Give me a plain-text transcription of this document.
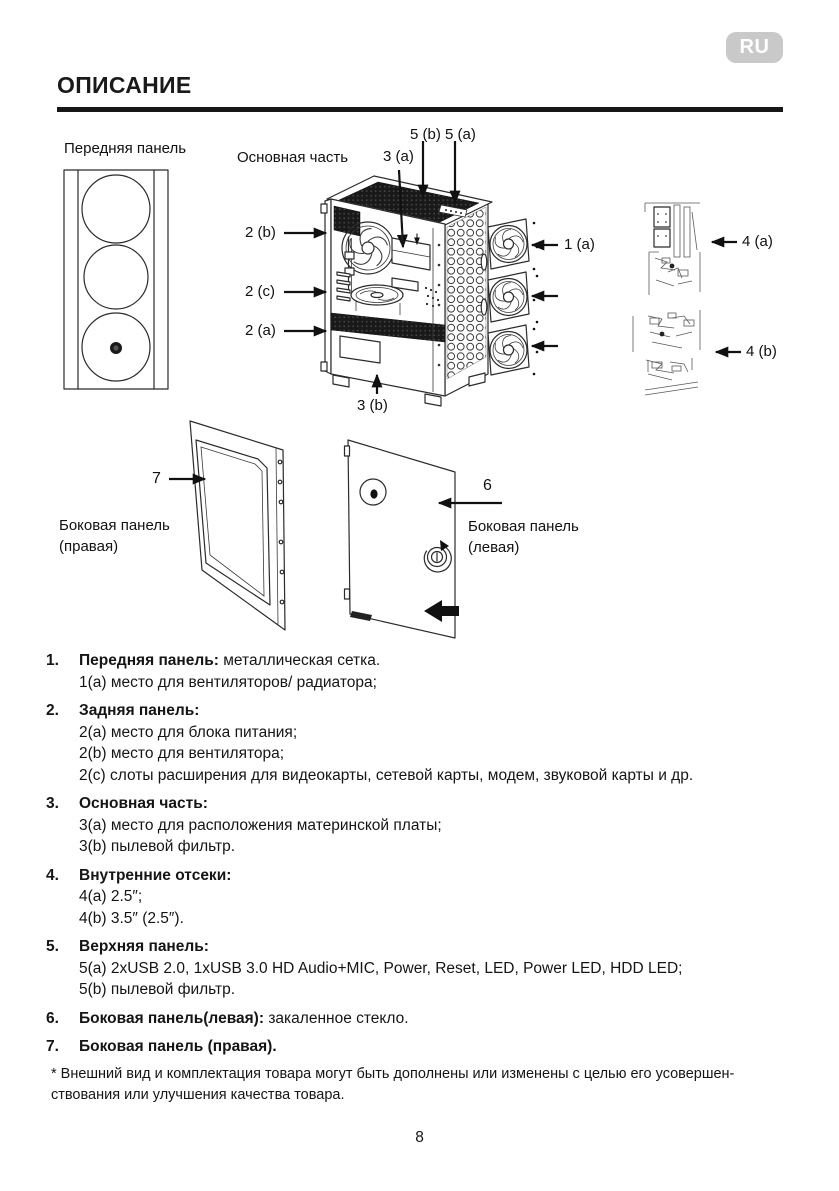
RU
ОПИСАНИЕ
Передняя панель
Основная часть
5 (b) 5 (a)
3 (a)
2 (b)
2 (c)
2 (a)
1 (a)	4 (a)
4 (b)
3 (b)
7	6
Боковая панель
(правая)
Боковая панель
(левая)
1.	Передняя панель: металлическая сетка.
1(a) место для вентиляторов/ радиатора;
2.	Задняя панель:
2(a) место для блока питания;
2(b) место для вентилятора;
2(c) слоты расширения для видеокарты, сетевой карты, модем, звуковой карты и др.
3.	Основная часть:
3(a) место для расположения материнской платы;
3(b) пылевой фильтр.
4.	Внутренние отсеки:
4(a) 2.5″;
4(b) 3.5″ (2.5″).
5.	Верхняя панель:
5(a) 2xUSB 2.0, 1xUSB 3.0 HD Audio+MIC, Power, Reset, LED, Power LED, HDD LED;
5(b) пылевой фильтр.
6.	Боковая панель(левая): закаленное стекло.
7.	Боковая панель (правая).
* Внешний вид и комплектация товара могут быть дополнены или изменены с целью его усовершен-
ствования или улучшения качества товара.
8
